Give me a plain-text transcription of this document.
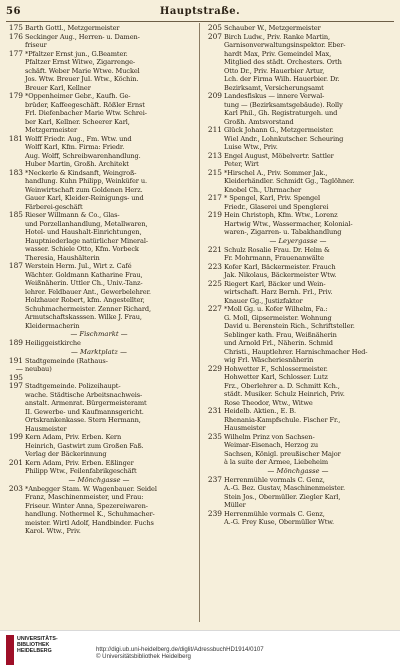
56	Hauptstraße.
175 Barth Gottl., Metzgermeister
176 Seckinger Aug., Herren- u. Damen-
friseur
177 *Pfaltzer Ernst jun., G.Beamter.
Pfaltzer Ernst Witwe, Zigarrenge-
schäft. Weber Marie Wtwe. Muckel
Jos. Wtw. Breuer Jul. Wtw., Köchin.
Breuer Karl, Kellner
179 *Oppenheimer Gebr., Kaufh. Ge-
brüder, Kaffeegeschäft. Rößler Ernst
Frl. Diefenbacher Marie Wtw. Schrei-
ber Karl, Kellner. Scheerer Karl,
Metzgermeister
181 Wolff Friedr. Aug., Fm. Wtw. und
Wolff Karl, Kfm. Firma: Friedr.
Aug. Wolff, Schreibwarenhandlung.
Huber Martin, Großh. Architekt
183 *Neckerle & Kindsanft, Weingroß-
handlung. Kuhn Philipp, Weinküfer u.
Weinwirtschaft zum Goldenen Herz.
Gauer Karl, Kleider-Reinigungs- und
Färberei-geschäft
185 Rieser Willmann & Co., Glas-
und Porzellanhandlung, Metallwaren,
Hotel- und Haushalt-Einrichtungen,
Hauptniederlage natürlicher Mineral-
wasser. Schiele Otto, Kfm. Vorbeck
Theresia, Haushälterin
187 Werstein Herm. Jul., Wirt z. Café
Wächter. Goldmann Katharine Frau,
Weißnäherin. Uttler Ch., Univ.-Tanz-
lehrer. Feldbauer Ant., Gewerbelehrer.
Holzhauer Robert, kfm. Angestellter,
Schuhmachermeister. Zenner Richard,
Armutschaftskasssen. Wilke J. Frau,
Kleidermacherin
— Fischmarkt —
189 Heiliggeistkirche
— Marktplatz —
191—195
Stadtgemeinde (Rathaus-
neubau)
197 Stadtgemeinde. Polizeihaupt-
wache. Städtische Arbeitsnachweis-
anstalt. Armenrat. Bürgermeisteramt
II. Gewerbe- und Kaufmannsgericht.
Ortskrankenkasse. Stern Hermann,
Hausmeister
199 Kern Adam, Priv. Erben. Kern
Heinrich, Gastwirt zum Großen Faß.
Verlag der Bäckerinnung
201 Kern Adam, Priv. Erben. Eßlinger
Philipp Wtw., Feilenfabrikgeschäft
— Mönchgasse —
203 *Anbegger Stam. W. Wagenbauer. Seidel
Franz, Maschinenmeister, und Frau:
Friseur. Winter Anna, Spezereiwaren-
handlung. Nothermel K., Schuhmacher-
meister. Wirtl Adolf, Handbinder. Fuchs
Karol. Wtw., Priv.
205 Schauber W., Metzgermeister
207 Birch Ludw., Priv. Ranke Martin,
Garnisonverwaltungsinspektor. Eber-
hardt Max, Priv. Gemeindel Max,
Mitglied des städt. Orchesters. Orth
Otto Dr., Priv. Hauerbier Artur,
Lch. der Firma Wilh. Hauerbier. Dr.
Bezirksamt, Versicherungsamt
209 Landesfiskus — innere Verwal-
tung — (Bezirksamtsgebäude). Rolly
Karl Phil., Gh. Registraturgeh. und
Großh. Amtsvorstand
211 Glück Johann G., Metzgermeister.
Wiel Andr., Lohnkutscher. Scheuring
Luise Wtw., Priv.
213 Engel August, Möbelvertr. Sattler
Peter, Wirt
215 *Hirschel A., Priv. Sommer Jak.,
Kleiderhändler. Schmidt Gg., Taglöhner.
Knobel Ch., Uhrmacher
217 * Spengel, Karl, Priv. Spengel
Friedr., Glaserei und Spenglerei
219 Hein Christoph, Kfm. Wtw., Lorenz
Hartwig Wtw., Wassermacher, Kolonial-
waren-, Zigarren- u. Tabakhandlung
— Leyergasse —
221 Schulz Rosalie Frau. Dr. Helm &
Fr. Mohrmann, Frauenanwälte
223 Kofer Karl, Bäckermeister. Frauch
Jak. Nikolaus, Bäckermeister Wtw.
225 Riegert Karl, Bäcker und Wein-
wirtschaft. Harz Bernh. Frl., Priv.
Knauer Gg., Justizfaktor
227 *Moll Gg. u. Kofer Wilhelm, Fa.:
G. Moll, Gipsermeister. Wohnung
David u. Berenstein Rich., Schriftsteller.
Seblinger kath. Frau, Weißnäherin
und Arnold Frl., Näherin. Schmid
Christi., Hauptlehrer. Harnischmacher Hed-
wig Frl. Wäscheriesnäherin
229 Hohwetter F., Schlossermeister.
Hohwetter Karl, Schlosser. Lutz
Frz., Oberlehrer a. D. Schmitt Kch.,
städt. Musiker. Schulz Heinrich, Priv.
Rose Theodor, Wtw., Witwe
231 Heidelb. Aktien., E. B.
Rhenania-Kampfschule. Fischer Fr.,
Hausmeister
235 Wilhelm Prinz von Sachsen-
Weimar-Eisenach, Herzog zu
Sachsen, Königl. preußischer Major
à la suite der Armee, Liebeheim
— Mönchgasse —
237 Herrenmühle vormals C. Genz,
A.-G. Bez. Gustav, Maschinenmeister.
Stein Jos., Obermüller. Ziegler Karl,
Müller
239 Herrenmühle vormals C. Genz,
A.-G. Frey Kuse, Obermüller Wtw.
UNIVERSITÄTS-
BIBLIOTHEK
HEIDELBERG	http://digi.ub.uni-heidelberg.de/diglit/AdressbuchHD1914/0107
© Universitätsbibliothek Heidelberg
